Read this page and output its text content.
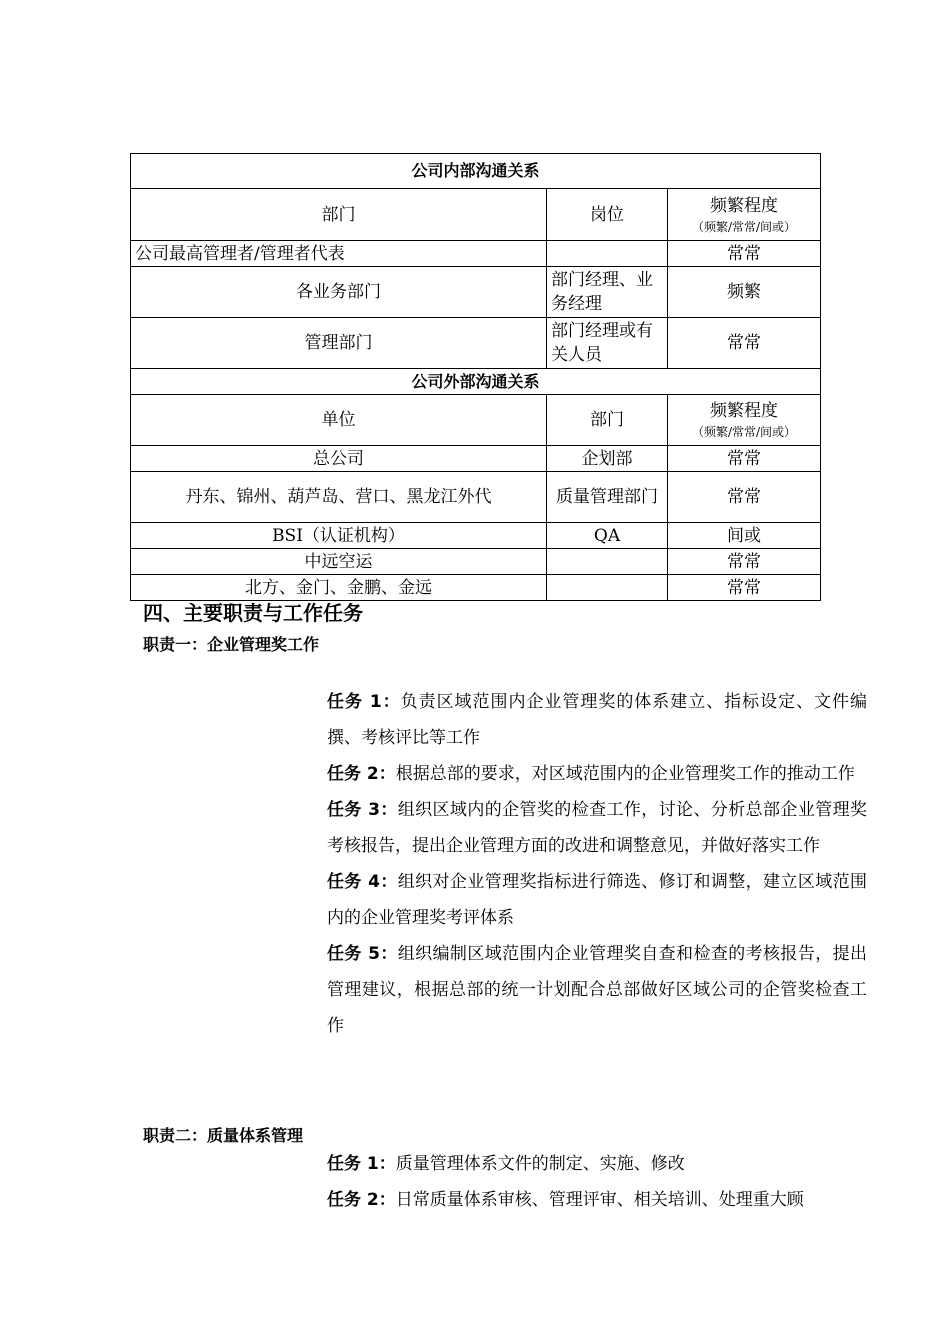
公司内部沟通关系		
部门	岗位	频繁程度
（频繁/常常/间或）

公司最高管理者/管理者代表		常常
各业务部门	部门经理、业务经理	频繁
管理部门	部门经理或有关人员	常常
公司外部沟通关系		
单位	部门	频繁程度
（频繁/常常/间或）

总公司	企划部	常常
丹东、锦州、葫芦岛、营口、黑龙江外代	质量管理部门	常常
BSI（认证机构）	QA	间或
中远空运		常常
北方、金门、金鹏、金远		常常
四、主要职责与工作任务
职责一：企业管理奖工作

任务 1：负责区域范围内企业管理奖的体系建立、指标设定、文件编撰、考核评比等工作

任务 2：根据总部的要求，对区域范围内的企业管理奖工作的推动工作

任务 3：组织区域内的企管奖的检查工作，讨论、分析总部企业管理奖考核报告，提出企业管理方面的改进和调整意见，并做好落实工作

任务 4：组织对企业管理奖指标进行筛选、修订和调整，建立区域范围内的企业管理奖考评体系

任务 5：组织编制区域范围内企业管理奖自查和检查的考核报告，提出管理建议，根据总部的统一计划配合总部做好区域公司的企管奖检查工作

职责二：质量体系管理

任务 1：质量管理体系文件的制定、实施、修改

任务 2：日常质量体系审核、管理评审、相关培训、处理重大顾
